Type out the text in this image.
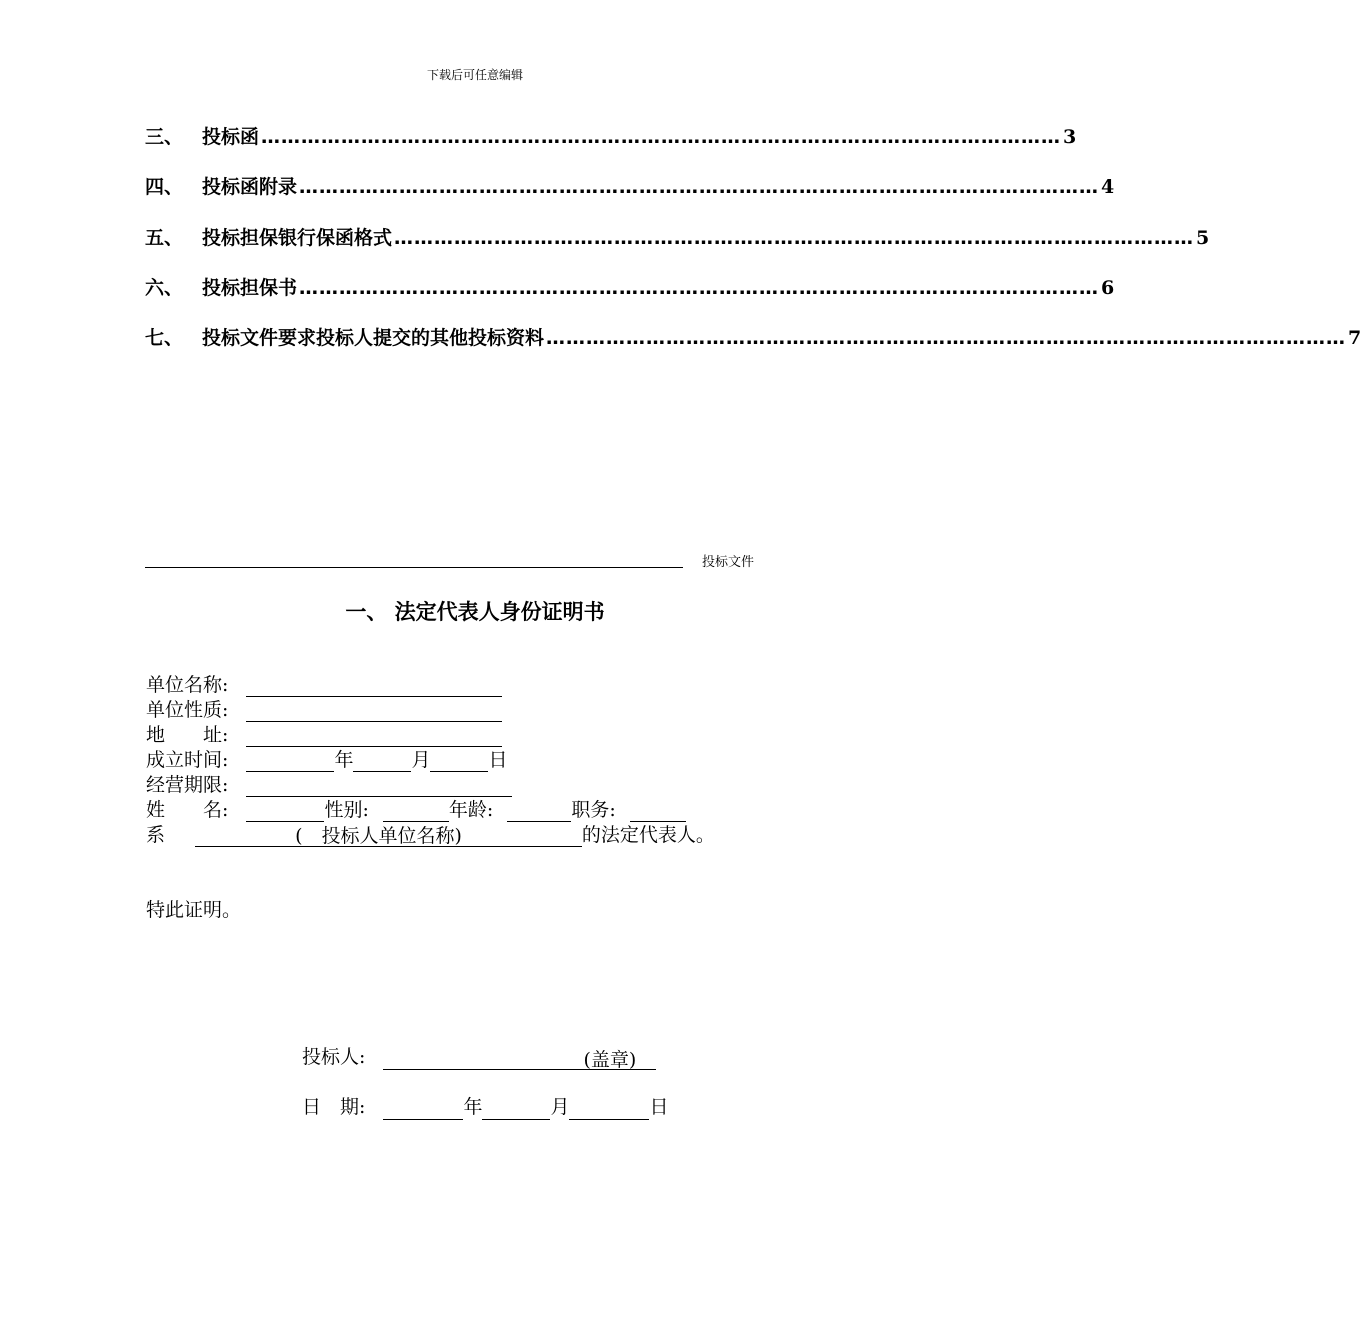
下载后可任意编辑
三、 投标函 ………………………………………………………………………………………………………… 3
四、 投标函附录 ………………………………………………………………………………………………………… 4
五、 投标担保银行保函格式 ………………………………………………………………………………………………………… 5
六、 投标担保书 ………………………………………………………………………………………………………… 6
七、 投标文件要求投标人提交的其他投标资料 ………………………………………………………………………………………………………… 7
投标文件
一、 法定代表人身份证明书
单位名称:
单位性质:
地　　址:
成立时间:	年	月	日
经营期限:
姓　　名:	性别:	年龄:	职务:
系	(　投标人单位名称)	的法定代表人。
特此证明。
投标人:	(盖章)
日　期:	年	月	日
